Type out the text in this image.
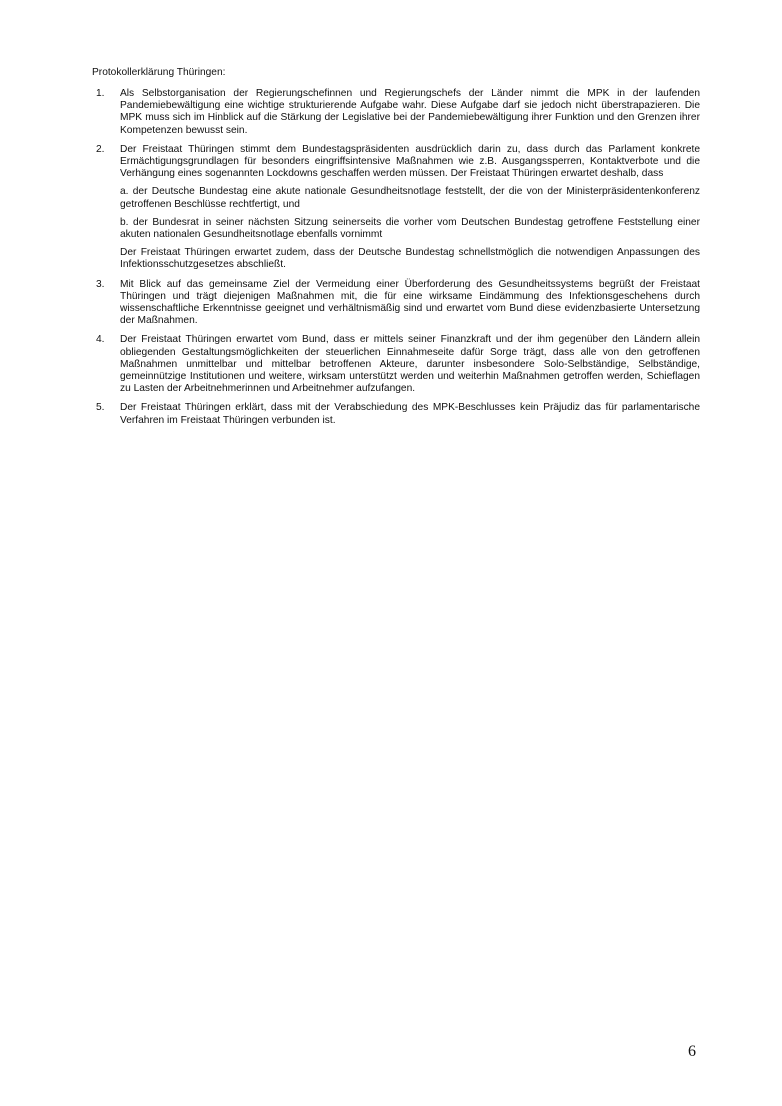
Protokollerklärung Thüringen:
1. Als Selbstorganisation der Regierungschefinnen und Regierungschefs der Länder nimmt die MPK in der laufenden Pandemiebewältigung eine wichtige strukturierende Aufgabe wahr. Diese Aufgabe darf sie jedoch nicht überstrapazieren. Die MPK muss sich im Hinblick auf die Stärkung der Legislative bei der Pandemiebewältigung ihrer Funktion und den Grenzen ihrer Kompetenzen bewusst sein.

2. Der Freistaat Thüringen stimmt dem Bundestagspräsidenten ausdrücklich darin zu, dass durch das Parlament konkrete Ermächtigungsgrundlagen für besonders eingriffsintensive Maßnahmen wie z.B. Ausgangssperren, Kontaktverbote und die Verhängung eines sogenannten Lockdowns geschaffen werden müssen. Der Freistaat Thüringen erwartet deshalb, dass

a. der Deutsche Bundestag eine akute nationale Gesundheitsnotlage feststellt, der die von der Ministerpräsidentenkonferenz getroffenen Beschlüsse rechtfertigt, und

b. der Bundesrat in seiner nächsten Sitzung seinerseits die vorher vom Deutschen Bundestag getroffene Feststellung einer akuten nationalen Gesundheitsnotlage ebenfalls vornimmt

Der Freistaat Thüringen erwartet zudem, dass der Deutsche Bundestag schnellstmöglich die notwendigen Anpassungen des Infektionsschutzgesetzes abschließt.

3. Mit Blick auf das gemeinsame Ziel der Vermeidung einer Überforderung des Gesundheitssystems begrüßt der Freistaat Thüringen und trägt diejenigen Maßnahmen mit, die für eine wirksame Eindämmung des Infektionsgeschehens durch wissenschaftliche Erkenntnisse geeignet und verhältnismäßig sind und erwartet vom Bund diese evidenzbasierte Untersetzung der Maßnahmen.

4. Der Freistaat Thüringen erwartet vom Bund, dass er mittels seiner Finanzkraft und der ihm gegenüber den Ländern allein obliegenden Gestaltungsmöglichkeiten der steuerlichen Einnahmeseite dafür Sorge trägt, dass alle von den getroffenen Maßnahmen unmittelbar und mittelbar betroffenen Akteure, darunter insbesondere Solo-Selbständige, Selbständige, gemeinnützige Institutionen und weitere, wirksam unterstützt werden und weiterhin Maßnahmen getroffen werden, Schieflagen zu Lasten der Arbeitnehmerinnen und Arbeitnehmer aufzufangen.

5. Der Freistaat Thüringen erklärt, dass mit der Verabschiedung des MPK-Beschlusses kein Präjudiz das für parlamentarische Verfahren im Freistaat Thüringen verbunden ist.

6
